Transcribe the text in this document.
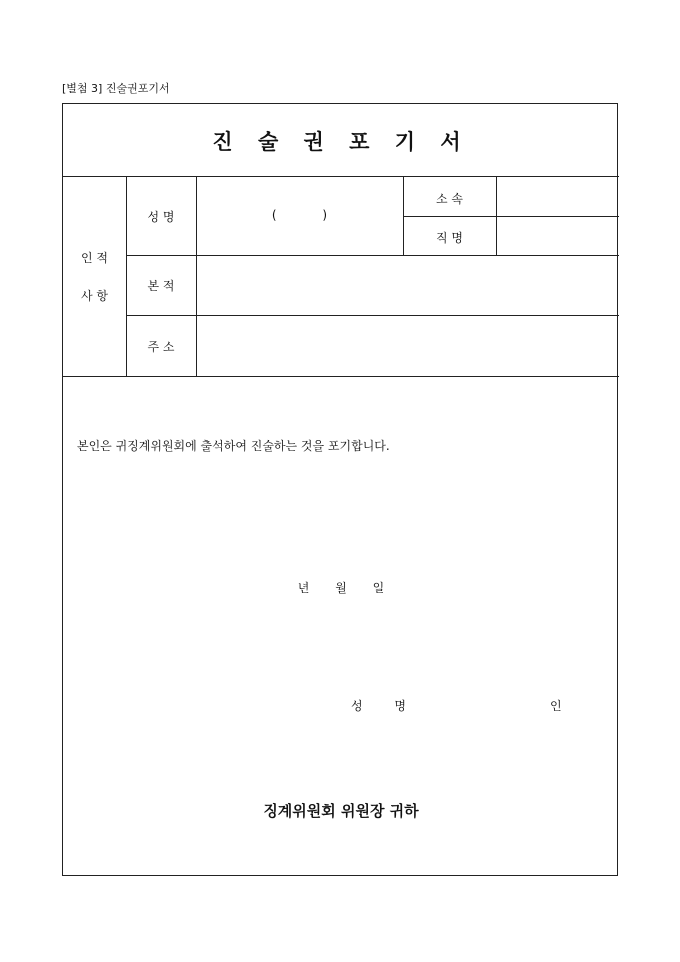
[별첨 3] 진술권포기서
진 술 권 포 기 서
인 적
사 항
성 명	(            )
소 속
직 명
본 적
주 소
본인은 귀징계위원회에 출석하여 진술하는 것을 포기합니다.
년 월 일
성 명	인
징계위원회 위원장 귀하
